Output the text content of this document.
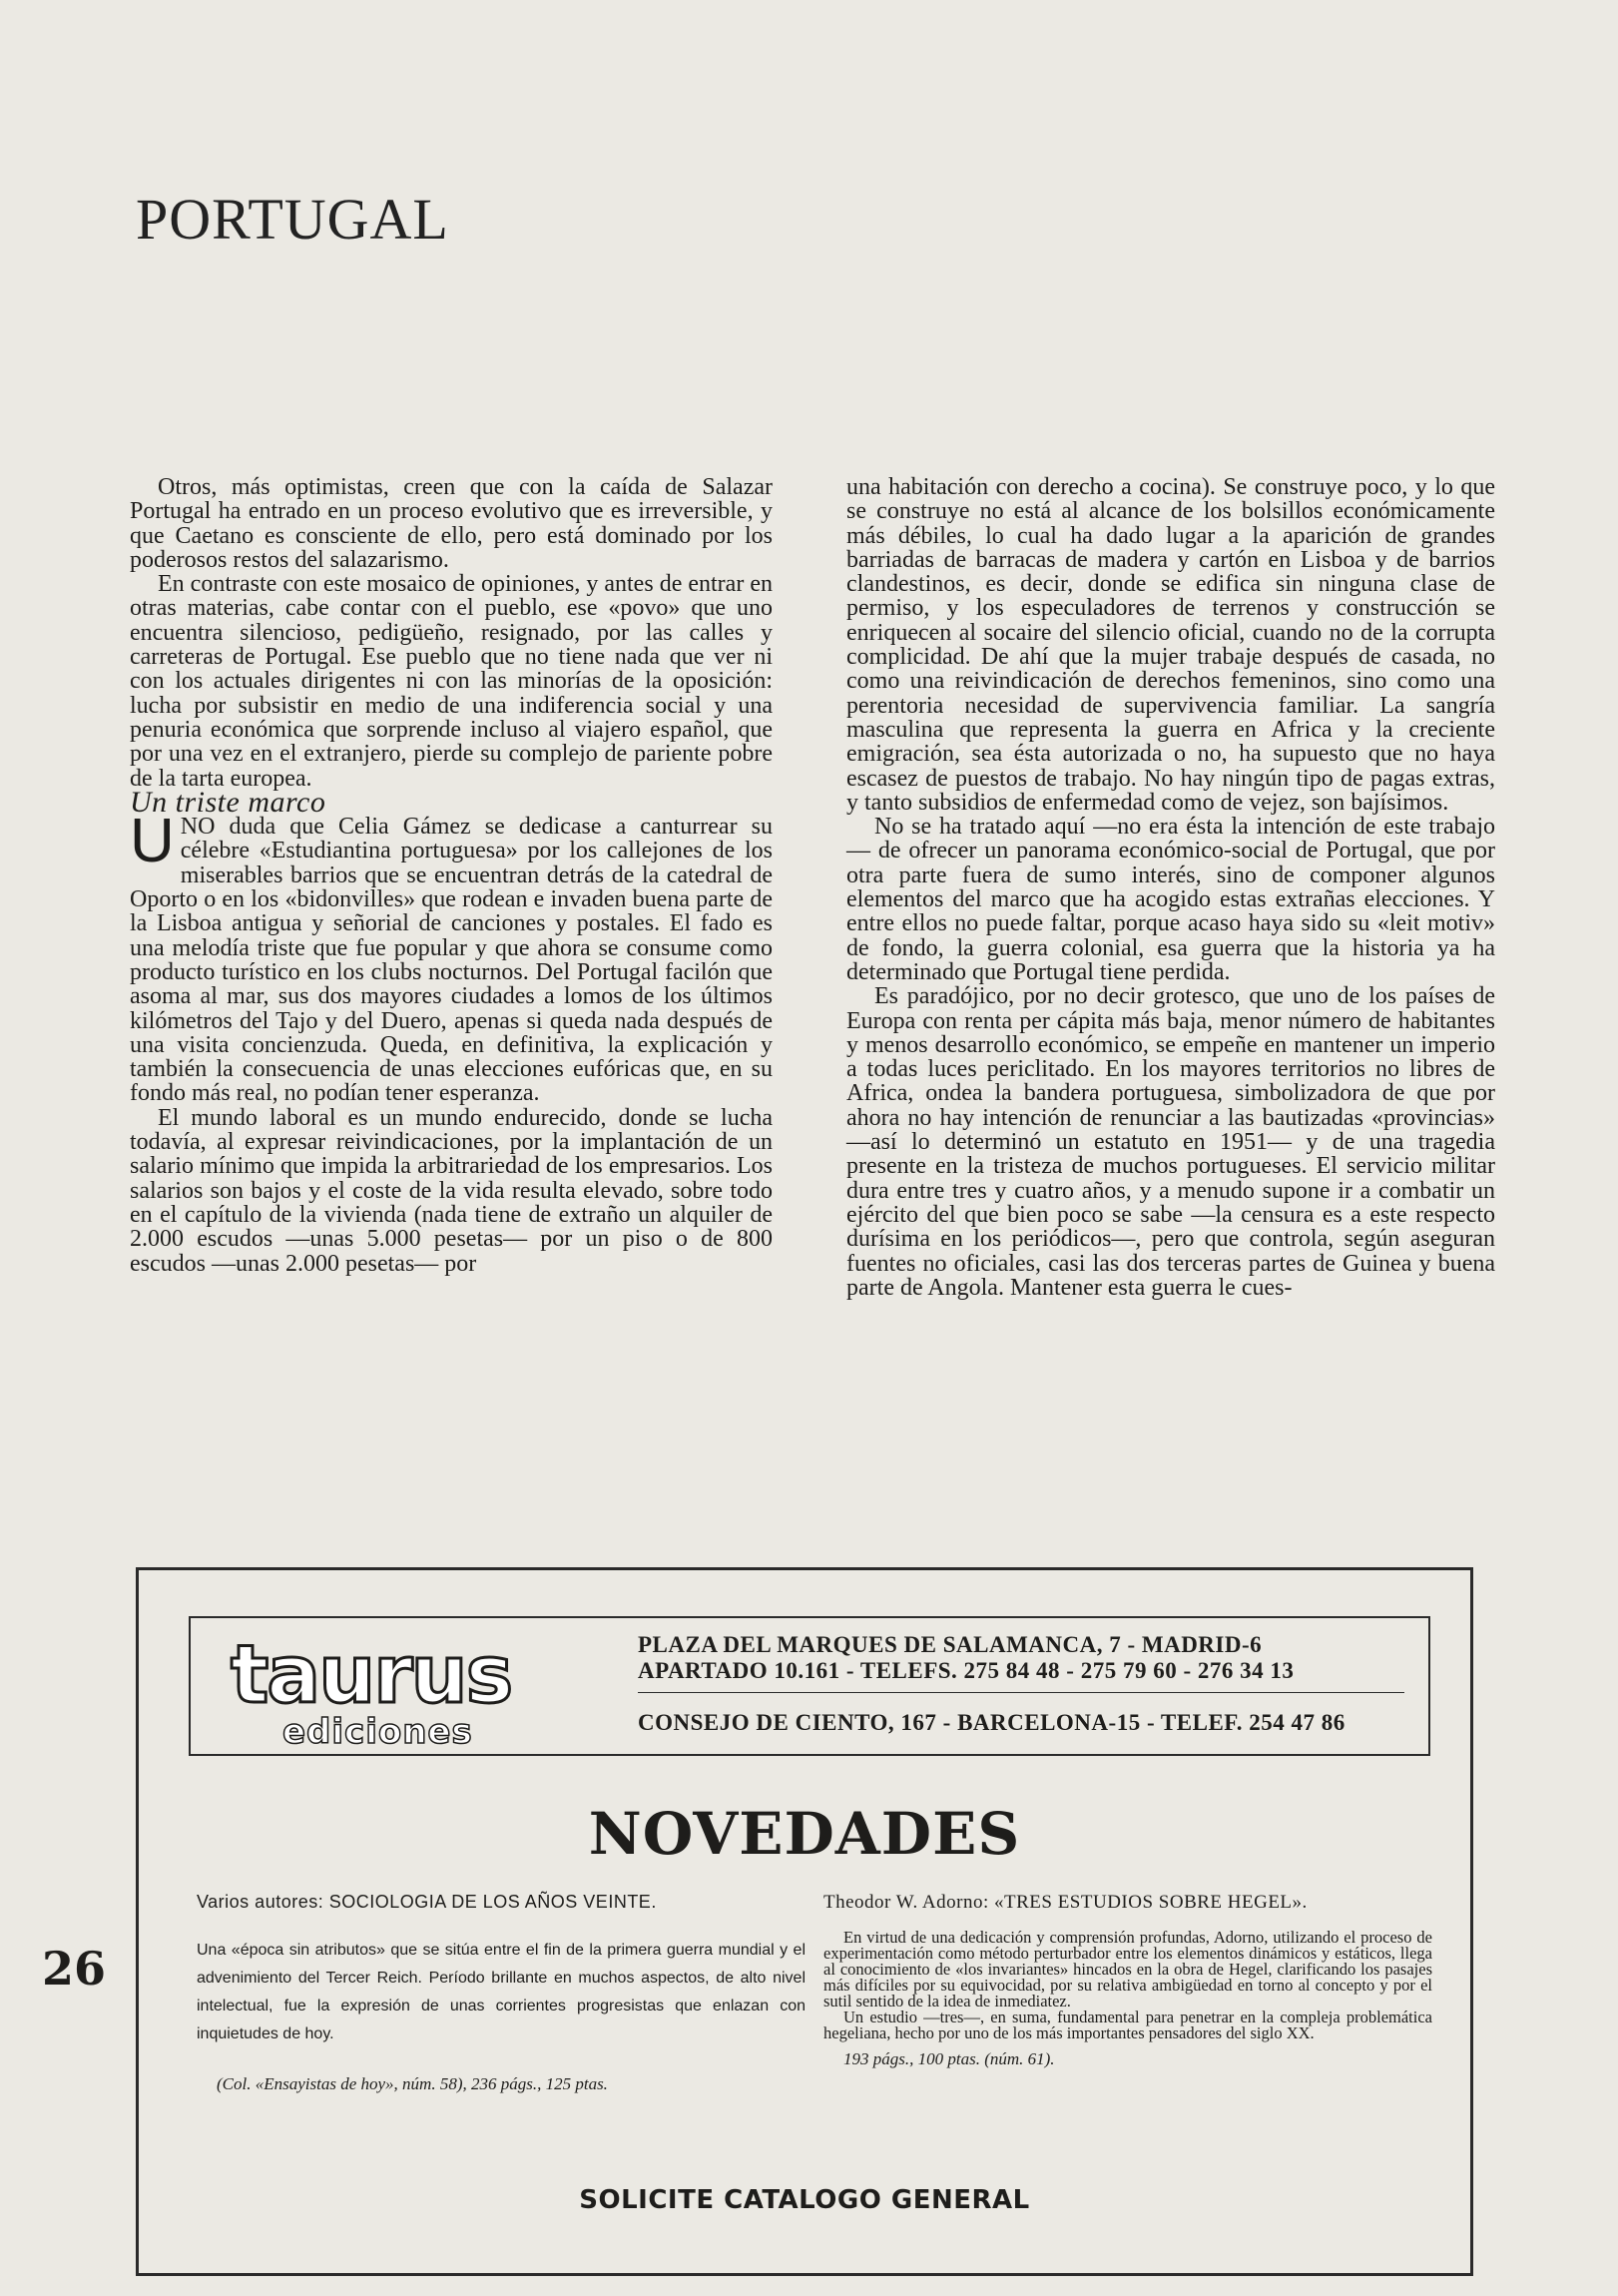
PORTUGAL

Otros, más optimistas, creen que con la caída de Salazar Portugal ha entrado en un proceso evolutivo que es irreversible, y que Caetano es consciente de ello, pero está dominado por los poderosos restos del salazarismo.

En contraste con este mosaico de opiniones, y antes de entrar en otras materias, cabe contar con el pueblo, ese «povo» que uno encuentra silencioso, pedigüeño, resignado, por las calles y carreteras de Portugal. Ese pueblo que no tiene nada que ver ni con los actuales dirigentes ni con las minorías de la oposición: lucha por subsistir en medio de una indiferencia social y una penuria económica que sorprende incluso al viajero español, que por una vez en el extranjero, pierde su complejo de pariente pobre de la tarta europea.

Un triste marco

UNO duda que Celia Gámez se dedicase a canturrear su célebre «Estudiantina portuguesa» por los callejones de los miserables barrios que se encuentran detrás de la catedral de Oporto o en los «bidonvilles» que rodean e invaden buena parte de la Lisboa antigua y señorial de canciones y postales. El fado es una melodía triste que fue popular y que ahora se consume como producto turístico en los clubs nocturnos. Del Portugal facilón que asoma al mar, sus dos mayores ciudades a lomos de los últimos kilómetros del Tajo y del Duero, apenas si queda nada después de una visita concienzuda. Queda, en definitiva, la explicación y también la consecuencia de unas elecciones eufóricas que, en su fondo más real, no podían tener esperanza.

El mundo laboral es un mundo endurecido, donde se lucha todavía, al expresar reivindicaciones, por la implantación de un salario mínimo que impida la arbitrariedad de los empresarios. Los salarios son bajos y el coste de la vida resulta elevado, sobre todo en el capítulo de la vivienda (nada tiene de extraño un alquiler de 2.000 escudos —unas 5.000 pesetas— por un piso o de 800 escudos —unas 2.000 pesetas— por

una habitación con derecho a cocina). Se construye poco, y lo que se construye no está al alcance de los bolsillos económicamente más débiles, lo cual ha dado lugar a la aparición de grandes barriadas de barracas de madera y cartón en Lisboa y de barrios clandestinos, es decir, donde se edifica sin ninguna clase de permiso, y los especuladores de terrenos y construcción se enriquecen al socaire del silencio oficial, cuando no de la corrupta complicidad. De ahí que la mujer trabaje después de casada, no como una reivindicación de derechos femeninos, sino como una perentoria necesidad de supervivencia familiar. La sangría masculina que representa la guerra en Africa y la creciente emigración, sea ésta autorizada o no, ha supuesto que no haya escasez de puestos de trabajo. No hay ningún tipo de pagas extras, y tanto subsidios de enfermedad como de vejez, son bajísimos.

No se ha tratado aquí —no era ésta la intención de este trabajo— de ofrecer un panorama económico-social de Portugal, que por otra parte fuera de sumo interés, sino de componer algunos elementos del marco que ha acogido estas extrañas elecciones. Y entre ellos no puede faltar, porque acaso haya sido su «leit motiv» de fondo, la guerra colonial, esa guerra que la historia ya ha determinado que Portugal tiene perdida.

Es paradójico, por no decir grotesco, que uno de los países de Europa con renta per cápita más baja, menor número de habitantes y menos desarrollo económico, se empeñe en mantener un imperio a todas luces periclitado. En los mayores territorios no libres de Africa, ondea la bandera portuguesa, simbolizadora de que por ahora no hay intención de renunciar a las bautizadas «provincias» —así lo determinó un estatuto en 1951— y de una tragedia presente en la tristeza de muchos portugueses. El servicio militar dura entre tres y cuatro años, y a menudo supone ir a combatir un ejército del que bien poco se sabe —la censura es a este respecto durísima en los periódicos—, pero que controla, según aseguran fuentes no oficiales, casi las dos terceras partes de Guinea y buena parte de Angola. Mantener esta guerra le cues-

26
taurus
ediciones
PLAZA DEL MARQUES DE SALAMANCA, 7 - MADRID-6
APARTADO 10.161 - TELEFS. 275 84 48 - 275 79 60 - 276 34 13
CONSEJO DE CIENTO, 167 - BARCELONA-15 - TELEF. 254 47 86
NOVEDADES
Varios autores: SOCIOLOGIA DE LOS AÑOS VEINTE.
Una «época sin atributos» que se sitúa entre el fin de la primera guerra mundial y el advenimiento del Tercer Reich. Período brillante en muchos aspectos, de alto nivel intelectual, fue la expresión de unas corrientes progresistas que enlazan con inquietudes de hoy.
(Col. «Ensayistas de hoy», núm. 58), 236 págs., 125 ptas.
Theodor W. Adorno: «TRES ESTUDIOS SOBRE HEGEL».

En virtud de una dedicación y comprensión profundas, Adorno, utilizando el proceso de experimentación como método perturbador entre los elementos dinámicos y estáticos, llega al conocimiento de «los invariantes» hincados en la obra de Hegel, clarificando los pasajes más difíciles por su equivocidad, por su relativa ambigüedad en torno al concepto y por el sutil sentido de la idea de inmediatez.

Un estudio —tres—, en suma, fundamental para penetrar en la compleja problemática hegeliana, hecho por uno de los más importantes pensadores del siglo XX.

193 págs., 100 ptas. (núm. 61).
SOLICITE CATALOGO GENERAL
